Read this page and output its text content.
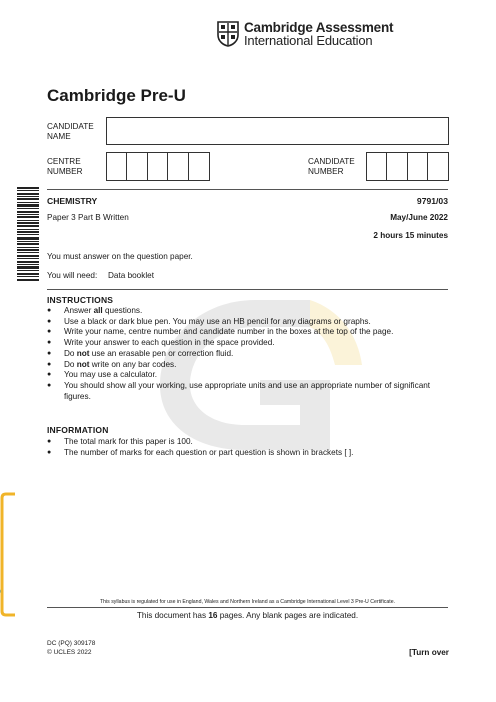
Cambridge Assessment
International Education
Cambridge Pre-U
CANDIDATE NAME
CENTRE NUMBER
CANDIDATE NUMBER
CHEMISTRY	9791/03
Paper 3 Part B Written	May/June 2022
2 hours 15 minutes
You must answer on the question paper.
You will need: Data booklet
INSTRUCTIONS
● Answer all questions.
● Use a black or dark blue pen. You may use an HB pencil for any diagrams or graphs.
● Write your name, centre number and candidate number in the boxes at the top of the page.
● Write your answer to each question in the space provided.
● Do not use an erasable pen or correction fluid.
● Do not write on any bar codes.
● You may use a calculator.
● You should show all your working, use appropriate units and use an appropriate number of significant figures.
INFORMATION
● The total mark for this paper is 100.
● The number of marks for each question or part question is shown in brackets [ ].
This syllabus is regulated for use in England, Wales and Northern Ireland as a Cambridge International Level 3 Pre-U Certificate.
This document has 16 pages. Any blank pages are indicated.
DC (PQ) 309178
© UCLES 2022	[Turn over
